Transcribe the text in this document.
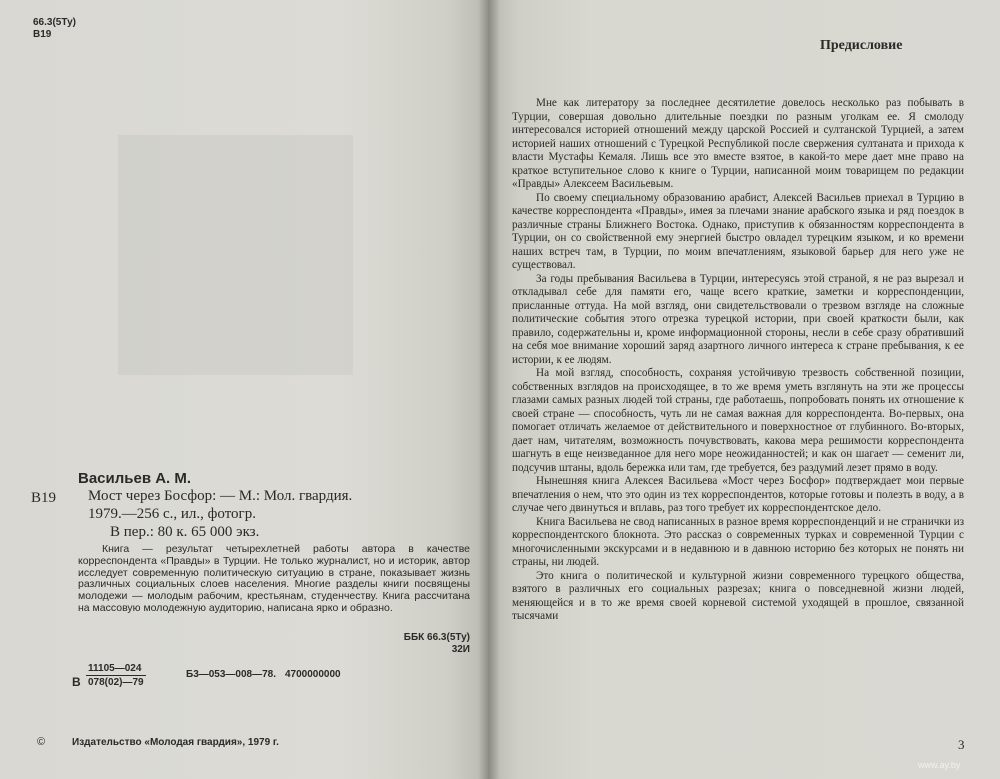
66.3(5Ту)
В19
Васильев А. М.
В19 Мост через Босфор: — М.: Мол. гвардия.
1979.—256 с., ил., фотогр.
В пер.: 80 к. 65 000 экз.
Книга — результат четырехлетней работы автора в качестве корреспондента «Правды» в Турции. Не только журналист, но и историк, автор исследует современную политическую ситуацию в стране, показывает жизнь различных социальных слоев населения. Многие разделы книги посвящены молодежи — молодым рабочим, крестьянам, студенчеству. Книга рассчитана на массовую молодежную аудиторию, написана ярко и образно.
ББК 66.3(5Ту)
32И
В $\frac{11105—024}{078(02)—79}$	Б3—053—008—78. 4700000000
©	Издательство «Молодая гвардия», 1979 г.
Предисловие

Мне как литератору за последнее десятилетие довелось несколько раз побывать в Турции, совершая довольно длительные поездки по разным уголкам ее. Я смолоду интересовался историей отношений между царской Россией и султанской Турцией, а затем историей наших отношений с Турецкой Республикой после свержения султаната и прихода к власти Мустафы Кемаля. Лишь все это вместе взятое, в какой-то мере дает мне право на краткое вступительное слово к книге о Турции, написанной моим товарищем по редакции «Правды» Алексеем Васильевым.

По своему специальному образованию арабист, Алексей Васильев приехал в Турцию в качестве корреспондента «Правды», имея за плечами знание арабского языка и ряд поездок в различные страны Ближнего Востока. Однако, приступив к обязанностям корреспондента в Турции, он со свойственной ему энергией быстро овладел турецким языком, и ко времени наших встреч там, в Турции, по моим впечатлениям, языковой барьер для него уже не существовал.

За годы пребывания Васильева в Турции, интересуясь этой страной, я не раз вырезал и откладывал себе для памяти его, чаще всего краткие, заметки и корреспонденции, присланные оттуда. На мой взгляд, они свидетельствовали о трезвом взгляде на сложные политические события этого отрезка турецкой истории, при своей краткости были, как правило, содержательны и, кроме информационной стороны, несли в себе сразу обративший на себя мое внимание хороший заряд азартного личного интереса к стране пребывания, к ее истории, к ее людям.

На мой взгляд, способность, сохраняя устойчивую трезвость собственной позиции, собственных взглядов на происходящее, в то же время уметь взглянуть на эти же процессы глазами самых разных людей той страны, где работаешь, попробовать понять их отношение к своей стране — способность, чуть ли не самая важная для корреспондента. Во-первых, она помогает отличать желаемое от действительного и поверхностное от глубинного. Во-вторых, дает нам, читателям, возможность почувствовать, какова мера решимости корреспондента шагнуть в еще неизведанное для него море неожиданностей; и как он шагает — семенит ли, подсучив штаны, вдоль бережка или там, где требуется, без раздумий лезет прямо в воду.

Нынешняя книга Алексея Васильева «Мост через Босфор» подтверждает мои первые впечатления о нем, что это один из тех корреспондентов, которые готовы и полезть в воду, а в случае чего двинуться и вплавь, раз того требует их корреспондентское дело.

Книга Васильева не свод написанных в разное время корреспонденций и не странички из корреспондентского блокнота. Это рассказ о современных турках и современной Турции с многочисленными экскурсами и в недавнюю и в давнюю историю без которых не понять ни страны, ни людей.

Это книга о политической и культурной жизни современного турецкого общества, взятого в различных его социальных разрезах; книга о повседневной жизни людей, меняющейся и в то же время своей корневой системой уходящей в прошлое, связанной тысячами

3
www.ay.by
